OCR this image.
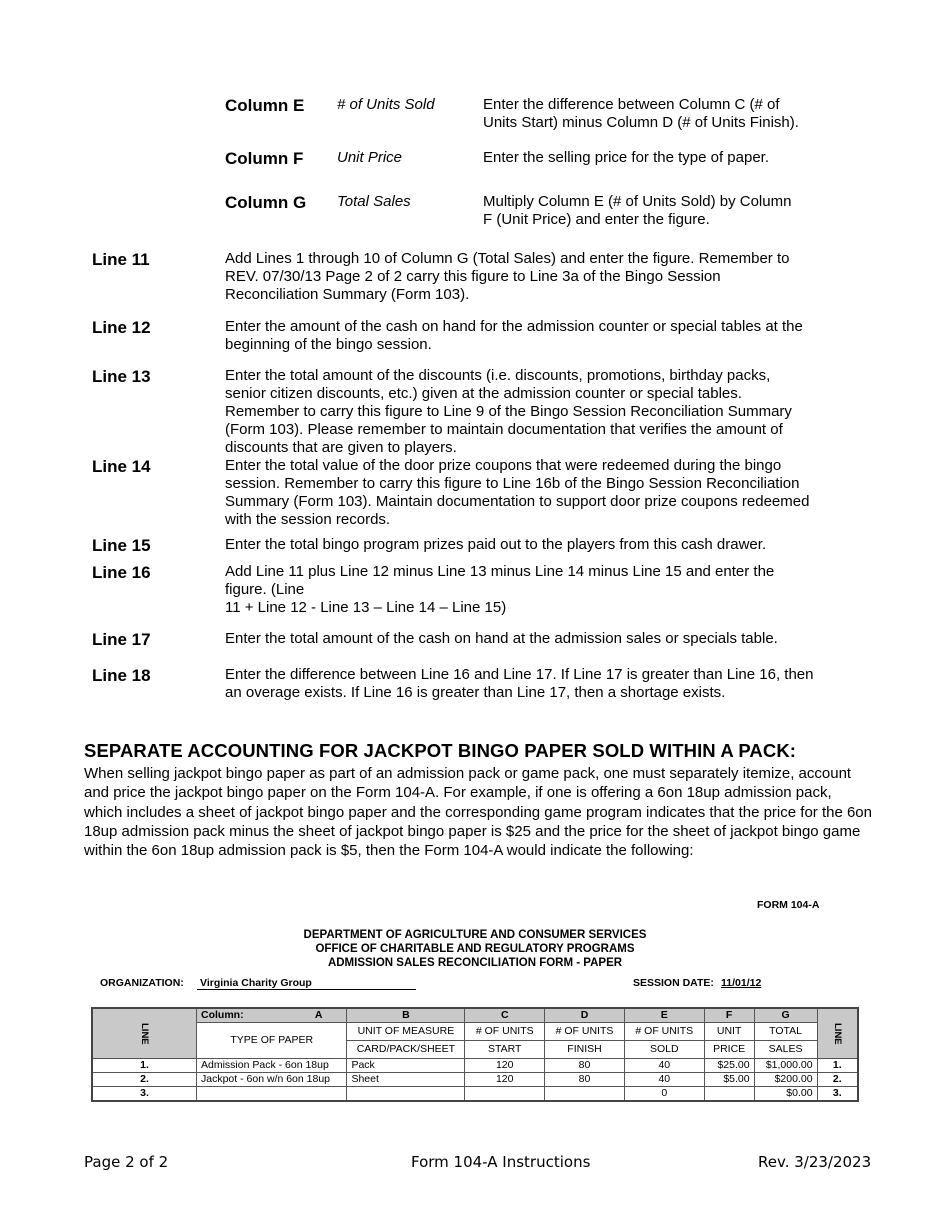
Column E # of Units Sold	Enter the difference between Column C (# of Units Start) minus Column D (# of Units Finish).
Column F Unit Price	Enter the selling price for the type of paper.
Column G Total Sales	Multiply Column E (# of Units Sold) by Column F (Unit Price) and enter the figure.
Line 11	Add Lines 1 through 10 of Column G (Total Sales) and enter the figure. Remember to REV. 07/30/13 Page 2 of 2 carry this figure to Line 3a of the Bingo Session Reconciliation Summary (Form 103).
Line 12	Enter the amount of the cash on hand for the admission counter or special tables at the beginning of the bingo session.
Line 13	Enter the total amount of the discounts (i.e. discounts, promotions, birthday packs, senior citizen discounts, etc.) given at the admission counter or special tables. Remember to carry this figure to Line 9 of the Bingo Session Reconciliation Summary (Form 103). Please remember to maintain documentation that verifies the amount of discounts that are given to players.
Line 14	Enter the total value of the door prize coupons that were redeemed during the bingo session. Remember to carry this figure to Line 16b of the Bingo Session Reconciliation Summary (Form 103). Maintain documentation to support door prize coupons redeemed with the session records.
Line 15	Enter the total bingo program prizes paid out to the players from this cash drawer.
Line 16	Add Line 11 plus Line 12 minus Line 13 minus Line 14 minus Line 15 and enter the figure. (Line
11 + Line 12 - Line 13 – Line 14 – Line 15)
Line 17	Enter the total amount of the cash on hand at the admission sales or specials table.
Line 18	Enter the difference between Line 16 and Line 17. If Line 17 is greater than Line 16, then an overage exists. If Line 16 is greater than Line 17, then a shortage exists.
SEPARATE ACCOUNTING FOR JACKPOT BINGO PAPER SOLD WITHIN A PACK:
When selling jackpot bingo paper as part of an admission pack or game pack, one must separately itemize, account and price the jackpot bingo paper on the Form 104-A. For example, if one is offering a 6on 18up admission pack, which includes a sheet of jackpot bingo paper and the corresponding game program indicates that the price for the 6on 18up admission pack minus the sheet of jackpot bingo paper is $25 and the price for the sheet of jackpot bingo game within the 6on 18up admission pack is $5, then the Form 104-A would indicate the following:
FORM 104-A
DEPARTMENT OF AGRICULTURE AND CONSUMER SERVICES
OFFICE OF CHARITABLE AND REGULATORY PROGRAMS
ADMISSION SALES RECONCILIATION FORM - PAPER
ORGANIZATION: Virginia Charity Group	SESSION DATE: 11/01/12
LINE	Column: A	B	C	D	E	F	G	LINE
	TYPE OF PAPER	UNIT OF MEASURE	# OF UNITS	# OF UNITS	# OF UNITS	UNIT	TOTAL	
		CARD/PACK/SHEET	START	FINISH	SOLD	PRICE	SALES	
1.	Admission Pack - 6on 18up	Pack	120	80	40	$25.00	$1,000.00	1.
2.	Jackpot - 6on w/n 6on 18up	Sheet	120	80	40	$5.00	$200.00	2.
3.					0		$0.00	3.
Page 2 of 2	Form 104-A Instructions	Rev. 3/23/2023
